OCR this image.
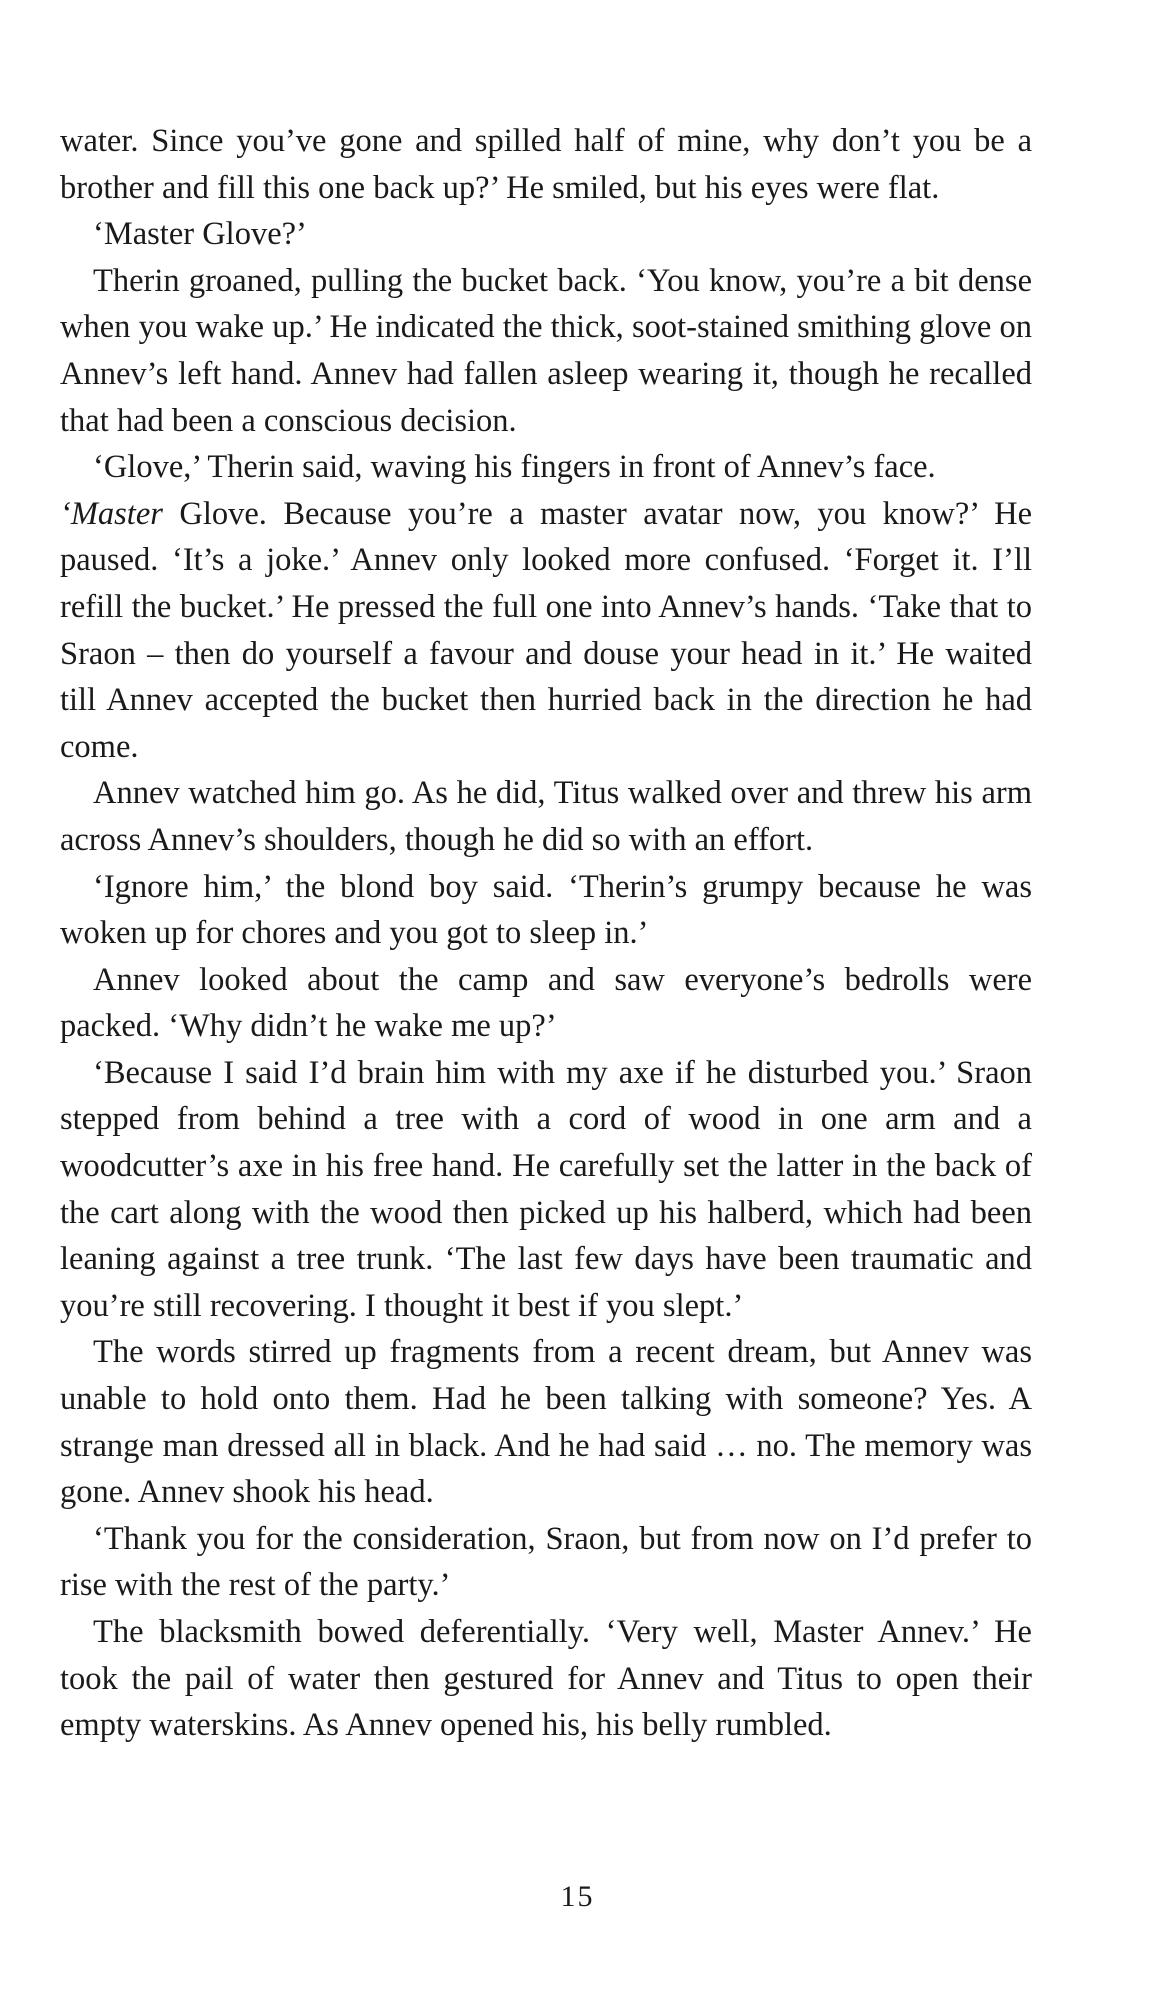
water. Since you’ve gone and spilled half of mine, why don’t you be a brother and fill this one back up?’ He smiled, but his eyes were flat.

‘Master Glove?’

Therin groaned, pulling the bucket back. ‘You know, you’re a bit dense when you wake up.’ He indicated the thick, soot-stained smithing glove on Annev’s left hand. Annev had fallen asleep wearing it, though he recalled that had been a conscious decision.

‘Glove,’ Therin said, waving his fingers in front of Annev’s face.

‘Master Glove. Because you’re a master avatar now, you know?’ He paused. ‘It’s a joke.’ Annev only looked more confused. ‘Forget it. I’ll refill the bucket.’ He pressed the full one into Annev’s hands. ‘Take that to Sraon – then do yourself a favour and douse your head in it.’ He waited till Annev accepted the bucket then hurried back in the direction he had come.

Annev watched him go. As he did, Titus walked over and threw his arm across Annev’s shoulders, though he did so with an effort.

‘Ignore him,’ the blond boy said. ‘Therin’s grumpy because he was woken up for chores and you got to sleep in.’

Annev looked about the camp and saw everyone’s bedrolls were packed. ‘Why didn’t he wake me up?’

‘Because I said I’d brain him with my axe if he disturbed you.’ Sraon stepped from behind a tree with a cord of wood in one arm and a woodcutter’s axe in his free hand. He carefully set the latter in the back of the cart along with the wood then picked up his halberd, which had been leaning against a tree trunk. ‘The last few days have been traumatic and you’re still recovering. I thought it best if you slept.’

The words stirred up fragments from a recent dream, but Annev was unable to hold onto them. Had he been talking with someone? Yes. A strange man dressed all in black. And he had said … no. The memory was gone. Annev shook his head.

‘Thank you for the consideration, Sraon, but from now on I’d prefer to rise with the rest of the party.’

The blacksmith bowed deferentially. ‘Very well, Master Annev.’ He took the pail of water then gestured for Annev and Titus to open their empty waterskins. As Annev opened his, his belly rumbled.

15
